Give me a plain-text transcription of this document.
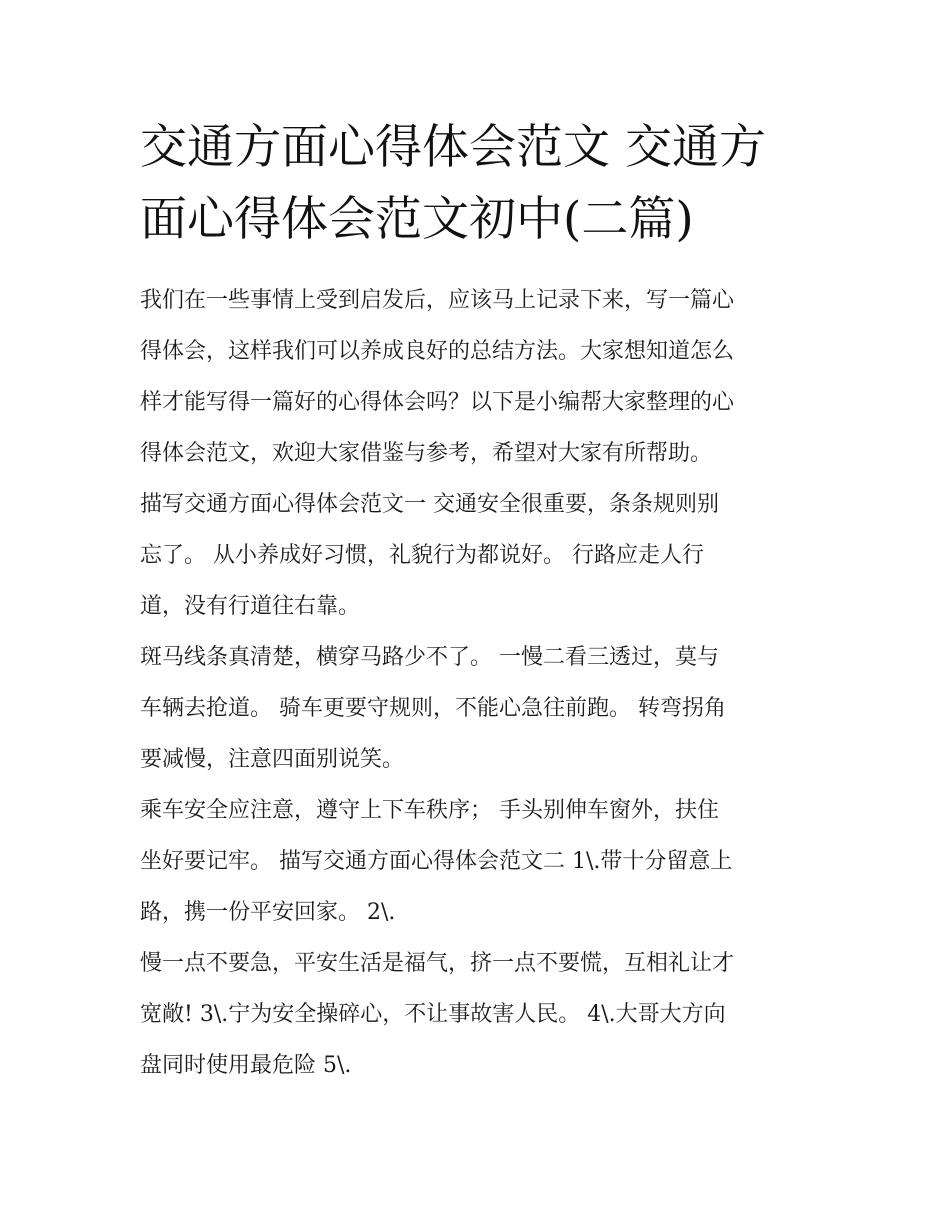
交通方面心得体会范文 交通方
面心得体会范文初中(二篇)

我们在一些事情上受到启发后，应该马上记录下来，写一篇心

得体会，这样我们可以养成良好的总结方法。大家想知道怎么

样才能写得一篇好的心得体会吗？以下是小编帮大家整理的心

得体会范文，欢迎大家借鉴与参考，希望对大家有所帮助。

描写交通方面心得体会范文一 交通安全很重要，条条规则别

忘了。 从小养成好习惯，礼貌行为都说好。 行路应走人行

道，没有行道往右靠。

斑马线条真清楚，横穿马路少不了。 一慢二看三透过，莫与

车辆去抢道。 骑车更要守规则，不能心急往前跑。 转弯拐角

要减慢，注意四面别说笑。

乘车安全应注意，遵守上下车秩序； 手头别伸车窗外，扶住

坐好要记牢。 描写交通方面心得体会范文二 1\.带十分留意上

路，携一份平安回家。 2\.

慢一点不要急，平安生活是福气，挤一点不要慌，互相礼让才

宽敞! 3\.宁为安全操碎心，不让事故害人民。 4\.大哥大方向

盘同时使用最危险 5\.
